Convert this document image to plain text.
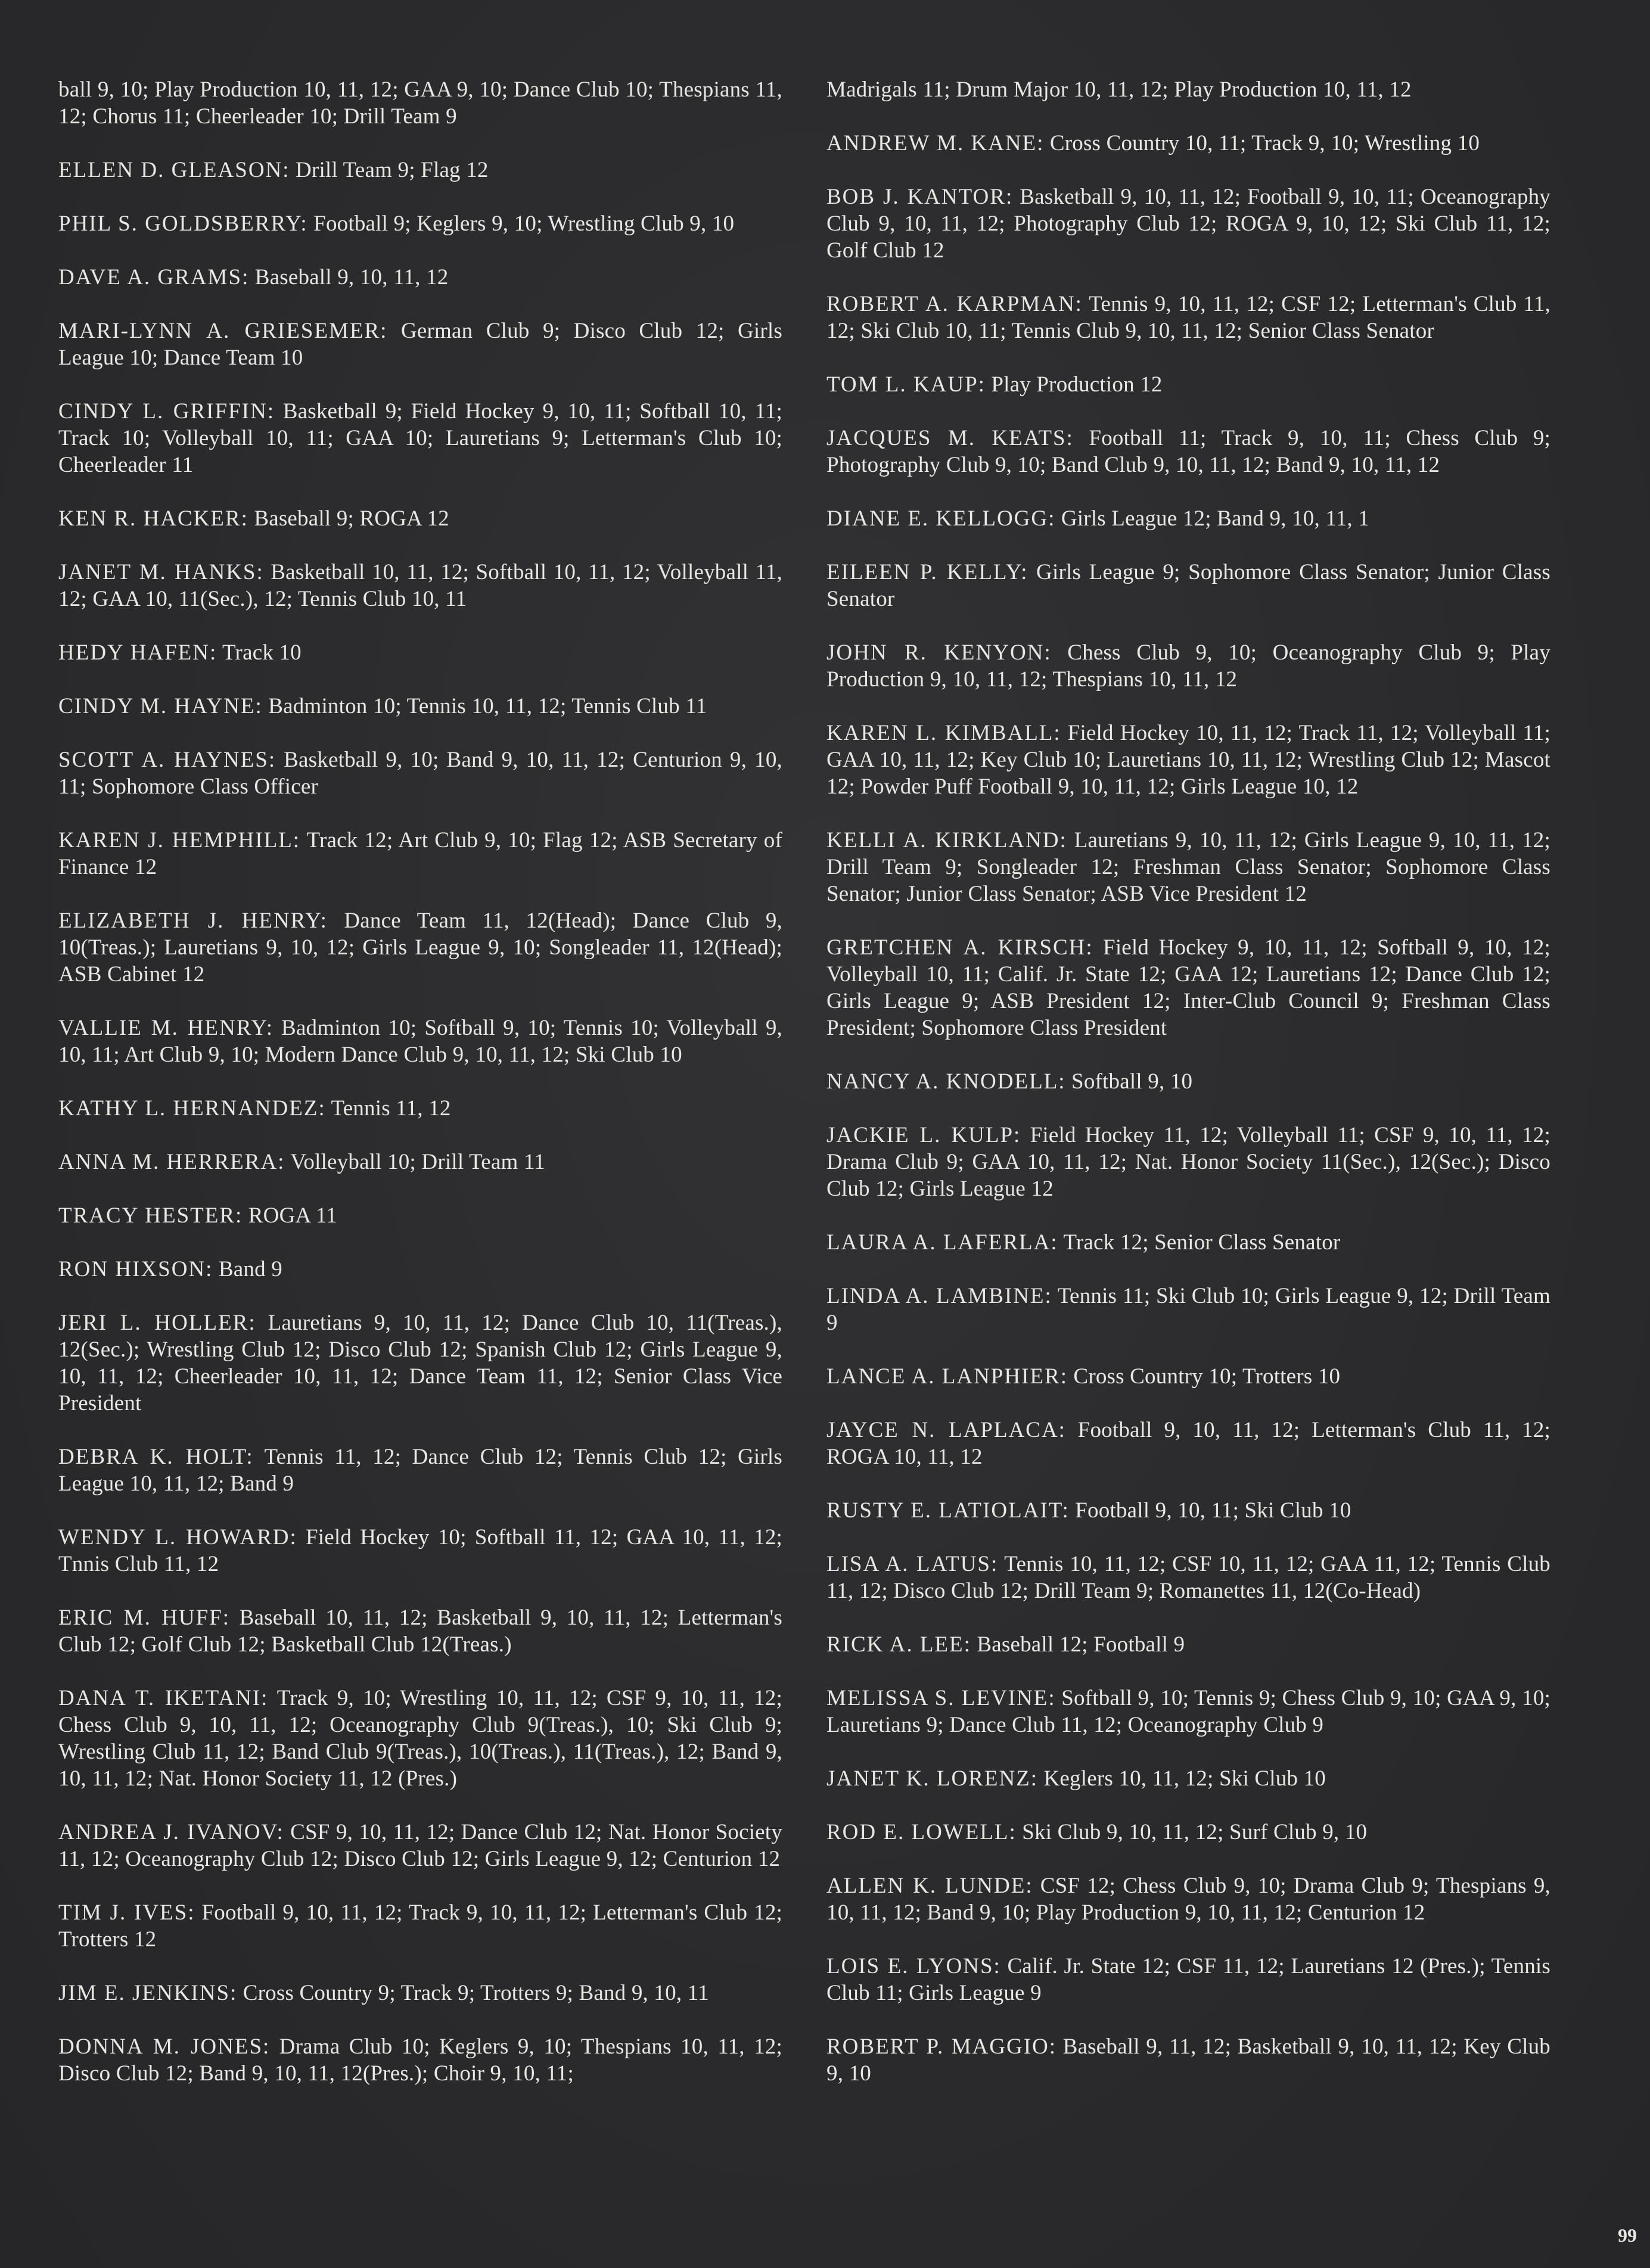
ball 9, 10; Play Production 10, 11, 12; GAA 9, 10; Dance Club 10; Thespians 11, 12; Chorus 11; Cheerleader 10; Drill Team 9

ELLEN D. GLEASON: Drill Team 9; Flag 12

PHIL S. GOLDSBERRY: Football 9; Keglers 9, 10; Wrestling Club 9, 10

DAVE A. GRAMS: Baseball 9, 10, 11, 12

MARI-LYNN A. GRIESEMER: German Club 9; Disco Club 12; Girls League 10; Dance Team 10

CINDY L. GRIFFIN: Basketball 9; Field Hockey 9, 10, 11; Softball 10, 11; Track 10; Volleyball 10, 11; GAA 10; Lauretians 9; Letterman's Club 10; Cheerleader 11

KEN R. HACKER: Baseball 9; ROGA 12

JANET M. HANKS: Basketball 10, 11, 12; Softball 10, 11, 12; Volleyball 11, 12; GAA 10, 11(Sec.), 12; Tennis Club 10, 11

HEDY HAFEN: Track 10

CINDY M. HAYNE: Badminton 10; Tennis 10, 11, 12; Tennis Club 11

SCOTT A. HAYNES: Basketball 9, 10; Band 9, 10, 11, 12; Centurion 9, 10, 11; Sophomore Class Officer

KAREN J. HEMPHILL: Track 12; Art Club 9, 10; Flag 12; ASB Secretary of Finance 12

ELIZABETH J. HENRY: Dance Team 11, 12(Head); Dance Club 9, 10(Treas.); Lauretians 9, 10, 12; Girls League 9, 10; Songleader 11, 12(Head); ASB Cabinet 12

VALLIE M. HENRY: Badminton 10; Softball 9, 10; Tennis 10; Volleyball 9, 10, 11; Art Club 9, 10; Modern Dance Club 9, 10, 11, 12; Ski Club 10

KATHY L. HERNANDEZ: Tennis 11, 12

ANNA M. HERRERA: Volleyball 10; Drill Team 11

TRACY HESTER: ROGA 11

RON HIXSON: Band 9

JERI L. HOLLER: Lauretians 9, 10, 11, 12; Dance Club 10, 11(Treas.), 12(Sec.); Wrestling Club 12; Disco Club 12; Spanish Club 12; Girls League 9, 10, 11, 12; Cheerleader 10, 11, 12; Dance Team 11, 12; Senior Class Vice President

DEBRA K. HOLT: Tennis 11, 12; Dance Club 12; Tennis Club 12; Girls League 10, 11, 12; Band 9

WENDY L. HOWARD: Field Hockey 10; Softball 11, 12; GAA 10, 11, 12; Tnnis Club 11, 12

ERIC M. HUFF: Baseball 10, 11, 12; Basketball 9, 10, 11, 12; Letterman's Club 12; Golf Club 12; Basketball Club 12(Treas.)

DANA T. IKETANI: Track 9, 10; Wrestling 10, 11, 12; CSF 9, 10, 11, 12; Chess Club 9, 10, 11, 12; Oceanography Club 9(Treas.), 10; Ski Club 9; Wrestling Club 11, 12; Band Club 9(Treas.), 10(Treas.), 11(Treas.), 12; Band 9, 10, 11, 12; Nat. Honor Society 11, 12 (Pres.)

ANDREA J. IVANOV: CSF 9, 10, 11, 12; Dance Club 12; Nat. Honor Society 11, 12; Oceanography Club 12; Disco Club 12; Girls League 9, 12; Centurion 12

TIM J. IVES: Football 9, 10, 11, 12; Track 9, 10, 11, 12; Letterman's Club 12; Trotters 12

JIM E. JENKINS: Cross Country 9; Track 9; Trotters 9; Band 9, 10, 11

DONNA M. JONES: Drama Club 10; Keglers 9, 10; Thespians 10, 11, 12; Disco Club 12; Band 9, 10, 11, 12(Pres.); Choir 9, 10, 11;

Madrigals 11; Drum Major 10, 11, 12; Play Production 10, 11, 12

ANDREW M. KANE: Cross Country 10, 11; Track 9, 10; Wrestling 10

BOB J. KANTOR: Basketball 9, 10, 11, 12; Football 9, 10, 11; Oceanography Club 9, 10, 11, 12; Photography Club 12; ROGA 9, 10, 12; Ski Club 11, 12; Golf Club 12

ROBERT A. KARPMAN: Tennis 9, 10, 11, 12; CSF 12; Letterman's Club 11, 12; Ski Club 10, 11; Tennis Club 9, 10, 11, 12; Senior Class Senator

TOM L. KAUP: Play Production 12

JACQUES M. KEATS: Football 11; Track 9, 10, 11; Chess Club 9; Photography Club 9, 10; Band Club 9, 10, 11, 12; Band 9, 10, 11, 12

DIANE E. KELLOGG: Girls League 12; Band 9, 10, 11, 1

EILEEN P. KELLY: Girls League 9; Sophomore Class Senator; Junior Class Senator

JOHN R. KENYON: Chess Club 9, 10; Oceanography Club 9; Play Production 9, 10, 11, 12; Thespians 10, 11, 12

KAREN L. KIMBALL: Field Hockey 10, 11, 12; Track 11, 12; Volleyball 11; GAA 10, 11, 12; Key Club 10; Lauretians 10, 11, 12; Wrestling Club 12; Mascot 12; Powder Puff Football 9, 10, 11, 12; Girls League 10, 12

KELLI A. KIRKLAND: Lauretians 9, 10, 11, 12; Girls League 9, 10, 11, 12; Drill Team 9; Songleader 12; Freshman Class Senator; Sophomore Class Senator; Junior Class Senator; ASB Vice President 12

GRETCHEN A. KIRSCH: Field Hockey 9, 10, 11, 12; Softball 9, 10, 12; Volleyball 10, 11; Calif. Jr. State 12; GAA 12; Lauretians 12; Dance Club 12; Girls League 9; ASB President 12; Inter-Club Council 9; Freshman Class President; Sophomore Class President

NANCY A. KNODELL: Softball 9, 10

JACKIE L. KULP: Field Hockey 11, 12; Volleyball 11; CSF 9, 10, 11, 12; Drama Club 9; GAA 10, 11, 12; Nat. Honor Society 11(Sec.), 12(Sec.); Disco Club 12; Girls League 12

LAURA A. LAFERLA: Track 12; Senior Class Senator

LINDA A. LAMBINE: Tennis 11; Ski Club 10; Girls League 9, 12; Drill Team 9

LANCE A. LANPHIER: Cross Country 10; Trotters 10

JAYCE N. LAPLACA: Football 9, 10, 11, 12; Letterman's Club 11, 12; ROGA 10, 11, 12

RUSTY E. LATIOLAIT: Football 9, 10, 11; Ski Club 10

LISA A. LATUS: Tennis 10, 11, 12; CSF 10, 11, 12; GAA 11, 12; Tennis Club 11, 12; Disco Club 12; Drill Team 9; Romanettes 11, 12(Co-Head)

RICK A. LEE: Baseball 12; Football 9

MELISSA S. LEVINE: Softball 9, 10; Tennis 9; Chess Club 9, 10; GAA 9, 10; Lauretians 9; Dance Club 11, 12; Oceanography Club 9

JANET K. LORENZ: Keglers 10, 11, 12; Ski Club 10

ROD E. LOWELL: Ski Club 9, 10, 11, 12; Surf Club 9, 10

ALLEN K. LUNDE: CSF 12; Chess Club 9, 10; Drama Club 9; Thespians 9, 10, 11, 12; Band 9, 10; Play Production 9, 10, 11, 12; Centurion 12

LOIS E. LYONS: Calif. Jr. State 12; CSF 11, 12; Lauretians 12 (Pres.); Tennis Club 11; Girls League 9

ROBERT P. MAGGIO: Baseball 9, 11, 12; Basketball 9, 10, 11, 12; Key Club 9, 10

99
